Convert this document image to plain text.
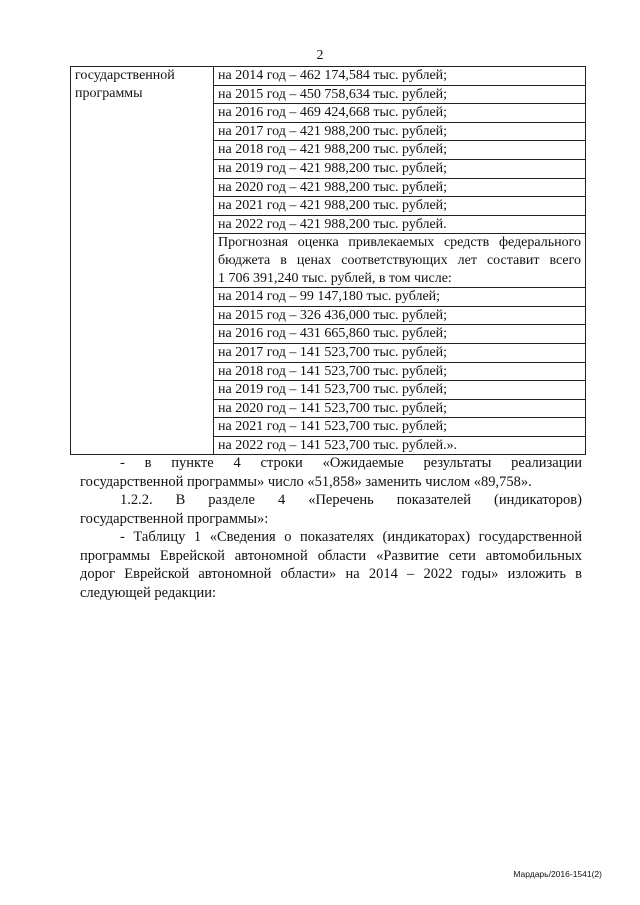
2
государственной
программы

на 2014 год – 462 174,584 тыс. рублей;
на 2015 год – 450 758,634 тыс. рублей;
на 2016 год – 469 424,668 тыс. рублей;
на 2017 год – 421 988,200 тыс. рублей;
на 2018 год – 421 988,200 тыс. рублей;
на 2019 год – 421 988,200 тыс. рублей;
на 2020 год – 421 988,200 тыс. рублей;
на 2021 год – 421 988,200 тыс. рублей;
на 2022 год – 421 988,200 тыс. рублей.
Прогнозная оценка привлекаемых средств федерального
бюджета в ценах соответствующих лет составит всего
1 706 391,240 тыс. рублей, в том числе:
на 2014 год – 99 147,180 тыс. рублей;
на 2015 год – 326 436,000 тыс. рублей;
на 2016 год – 431 665,860 тыс. рублей;
на 2017 год – 141 523,700 тыс. рублей;
на 2018 год – 141 523,700 тыс. рублей;
на 2019 год – 141 523,700 тыс. рублей;
на 2020 год – 141 523,700 тыс. рублей;
на 2021 год – 141 523,700 тыс. рублей;
на 2022 год – 141 523,700 тыс. рублей.».

- в пункте 4 строки «Ожидаемые результаты реализации

государственной программы» число «51,858» заменить числом «89,758».

1.2.2. В разделе 4 «Перечень показателей (индикаторов)

государственной программы»:

- Таблицу 1 «Сведения о показателях (индикаторах) государственной

программы Еврейской автономной области «Развитие сети автомобильных

дорог Еврейской автономной области» на 2014 – 2022 годы» изложить в

следующей редакции:

Мардарь/2016-1541(2)
